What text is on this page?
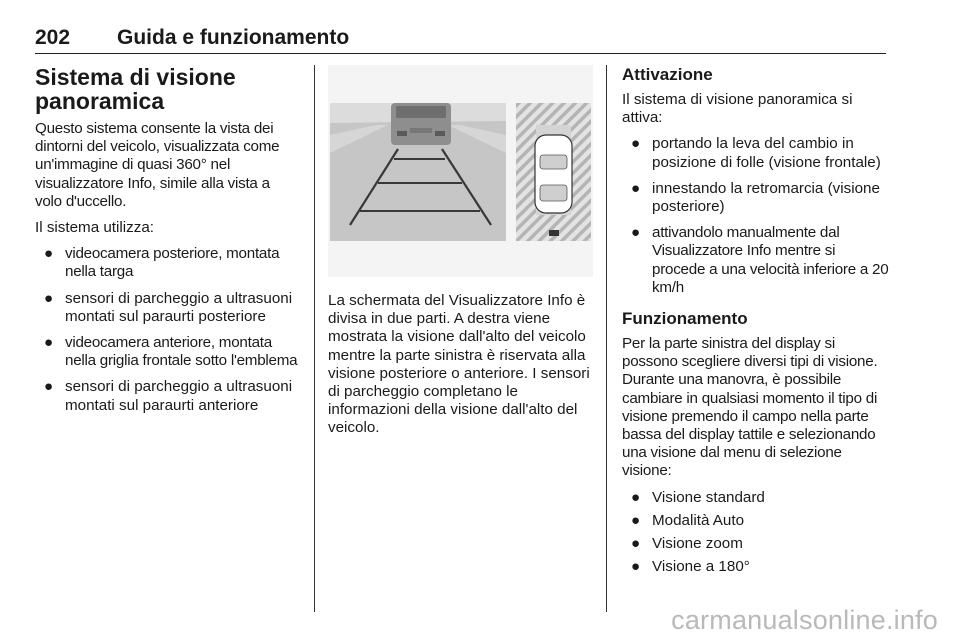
202 Guida e funzionamento
Sistema di visione panoramica
Questo sistema consente la vista dei dintorni del veicolo, visualizzata come un'immagine di quasi 360° nel visualizzatore Info, simile alla vista a volo d'uccello.
Il sistema utilizza:
● videocamera posteriore, montata nella targa
● sensori di parcheggio a ultrasuoni montati sul paraurti posteriore
● videocamera anteriore, montata nella griglia frontale sotto l'emblema
● sensori di parcheggio a ultrasuoni montati sul paraurti anteriore
La schermata del Visualizzatore Info è divisa in due parti. A destra viene mostrata la visione dall'alto del veicolo mentre la parte sinistra è riservata alla visione posteriore o anteriore. I sensori di parcheggio completano le informazioni della visione dall'alto del veicolo.
Attivazione
Il sistema di visione panoramica si attiva:
● portando la leva del cambio in posizione di folle (visione frontale)
● innestando la retromarcia (visione posteriore)
● attivandolo manualmente dal Visualizzatore Info mentre si procede a una velocità inferiore a 20 km/h
Funzionamento
Per la parte sinistra del display si possono scegliere diversi tipi di visione. Durante una manovra, è possibile cambiare in qualsiasi momento il tipo di visione premendo il campo nella parte bassa del display tattile e selezionando una visione dal menu di selezione visione:
● Visione standard
● Modalità Auto
● Visione zoom
● Visione a 180°
carmanualsonline.info
